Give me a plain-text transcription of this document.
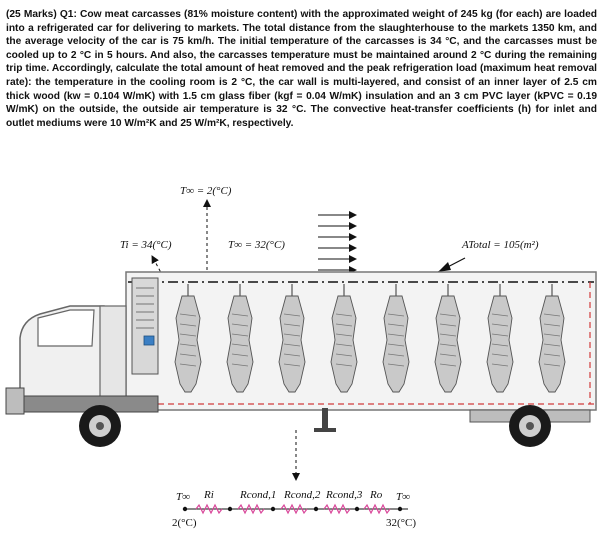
(25 Marks) Q1: Cow meat carcasses (81% moisture content) with the approximated weight of 245 kg (for each) are loaded into a refrigerated car for delivering to markets. The total distance from the slaughterhouse to the markets 1350 km, and the average velocity of the car is 75 km/h. The initial temperature of the carcasses is 34 °C, and the carcasses must be cooled up to 2 °C in 5 hours. And also, the carcasses temperature must be maintained around 2 °C during the remaining trip time. Accordingly, calculate the total amount of heat removed and the peak refrigeration load (maximum heat removal rate): the temperature in the cooling room is 2 °C, the car wall is multi-layered, and consist of an inner layer of 2.5 cm thick wood (kw = 0.104 W/mK) with 1.5 cm glass fiber (kgf = 0.04 W/mK) insulation and an 3 cm PVC layer (kPVC = 0.19 W/mK) on the outside, the outside air temperature is 32 °C. The convective heat-transfer coefficients (h) for inlet and outlet mediums were 10 W/m²K and 25 W/m²K, respectively.
T∞ = 2(°C)
Ti = 34(°C)	T∞ = 32(°C)	ATotal = 105(m²)
T∞
2(°C)
Ri Rcond,1 Rcond,2 Rcond,3 Ro T∞
32(°C)
